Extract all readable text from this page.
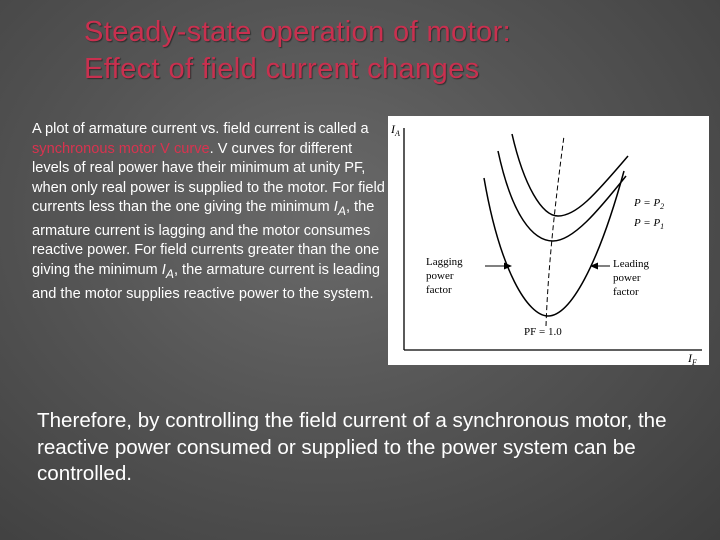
Steady-state operation of motor:
Effect of field current changes
A plot of armature current vs. field current is called a synchronous motor V curve. V curves for different levels of real power have their minimum at unity PF, when only real power is supplied to the motor. For field currents less than the one giving the minimum $I_A$, the armature current is lagging and the motor consumes reactive power. For field currents greater than the one giving the minimum $I_A$, the armature current is leading and the motor supplies reactive power to the system.
$I_A$
$I_F$
$P = P_2$
$P = P_1$
Lagging
power
factor
Leading
power
factor
PF = 1.0
Therefore, by controlling the field current of a synchronous motor, the reactive power consumed or supplied to the power system can be controlled.
